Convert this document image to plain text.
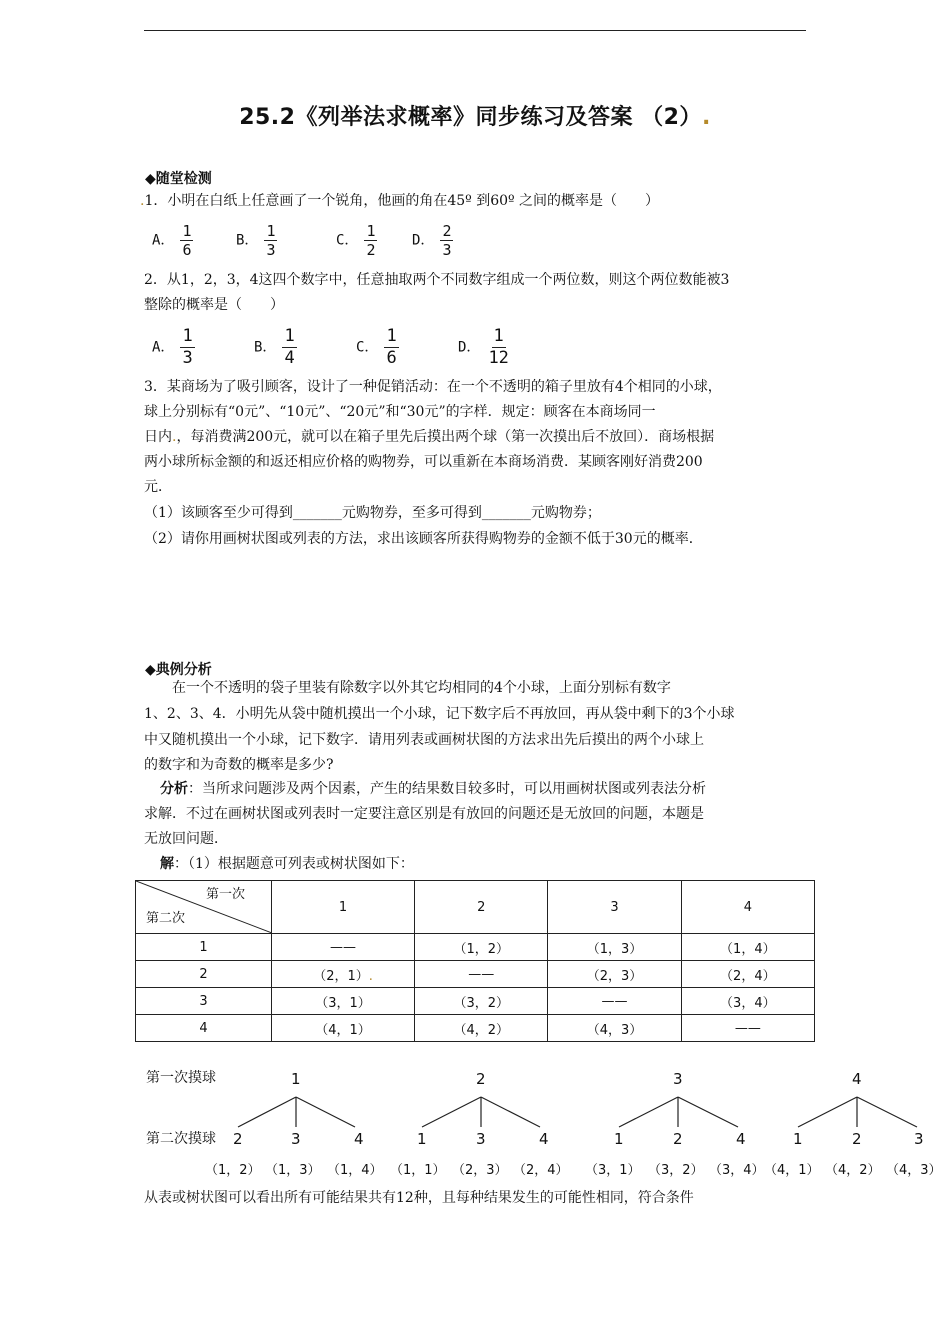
25.2《列举法求概率》同步练习及答案 （2）.
◆随堂检测
.1．小明在白纸上任意画了一个锐角，他画的角在45º 到60º 之间的概率是（　　）
A． $\frac{1}{6}$	B． $\frac{1}{3}$	C． $\frac{1}{2}$ D． $\frac{2}{3}$
2．从1，2，3，4这四个数字中，任意抽取两个不同数字组成一个两位数，则这个两位数能被3
整除的概率是（　　）
A． $\frac{1}{3}$	B． $\frac{1}{4}$	C． $\frac{1}{6}$	D． $\frac{1}{12}$
3．某商场为了吸引顾客，设计了一种促销活动：在一个不透明的箱子里放有4个相同的小球，
球上分别标有“0元”、“10元”、“20元”和“30元”的字样．规定：顾客在本商场同一
日内.，每消费满200元，就可以在箱子里先后摸出两个球（第一次摸出后不放回）．商场根据
两小球所标金额的和返还相应价格的购物券，可以重新在本商场消费．某顾客刚好消费200
元．
（1）该顾客至少可得到_______元购物券，至多可得到_______元购物券；
（2）请你用画树状图或列表的方法，求出该顾客所获得购物券的金额不低于30元的概率．
◆典例分析
在一个不透明的袋子里装有除数字以外其它均相同的4个小球，上面分别标有数字
1、2、3、4．小明先从袋中随机摸出一个小球，记下数字后不再放回，再从袋中剩下的3个小球
中又随机摸出一个小球，记下数字．请用列表或画树状图的方法求出先后摸出的两个小球上
的数字和为奇数的概率是多少?
分析：当所求问题涉及两个因素，产生的结果数目较多时，可以用画树状图或列表法分析
求解．不过在画树状图或列表时一定要注意区别是有放回的问题还是无放回的问题，本题是
无放回问题．
解：（1）根据题意可列表或树状图如下：
第一次
第二次	1	2	3	4
1	——	（1，2）	（1，3）	（1，4）
2	（2，1）.	——	（2，3）	（2，4）
3	（3，1）	（3，2）	——	（3，4）
4	（4，1）	（4，2）	（4，3）	——
第一次摸球
第二次摸球
1	2	3	4
2	3	4	1	3	4	1	2	4	1	2	3
（1，2） （1，3） （1，4） （1，1） （2，3） （2，4） （3，1） （3，2） （3，4） （4，1） （4，2） （4，3）
从表或树状图可以看出所有可能结果共有12种，且每种结果发生的可能性相同，符合条件
